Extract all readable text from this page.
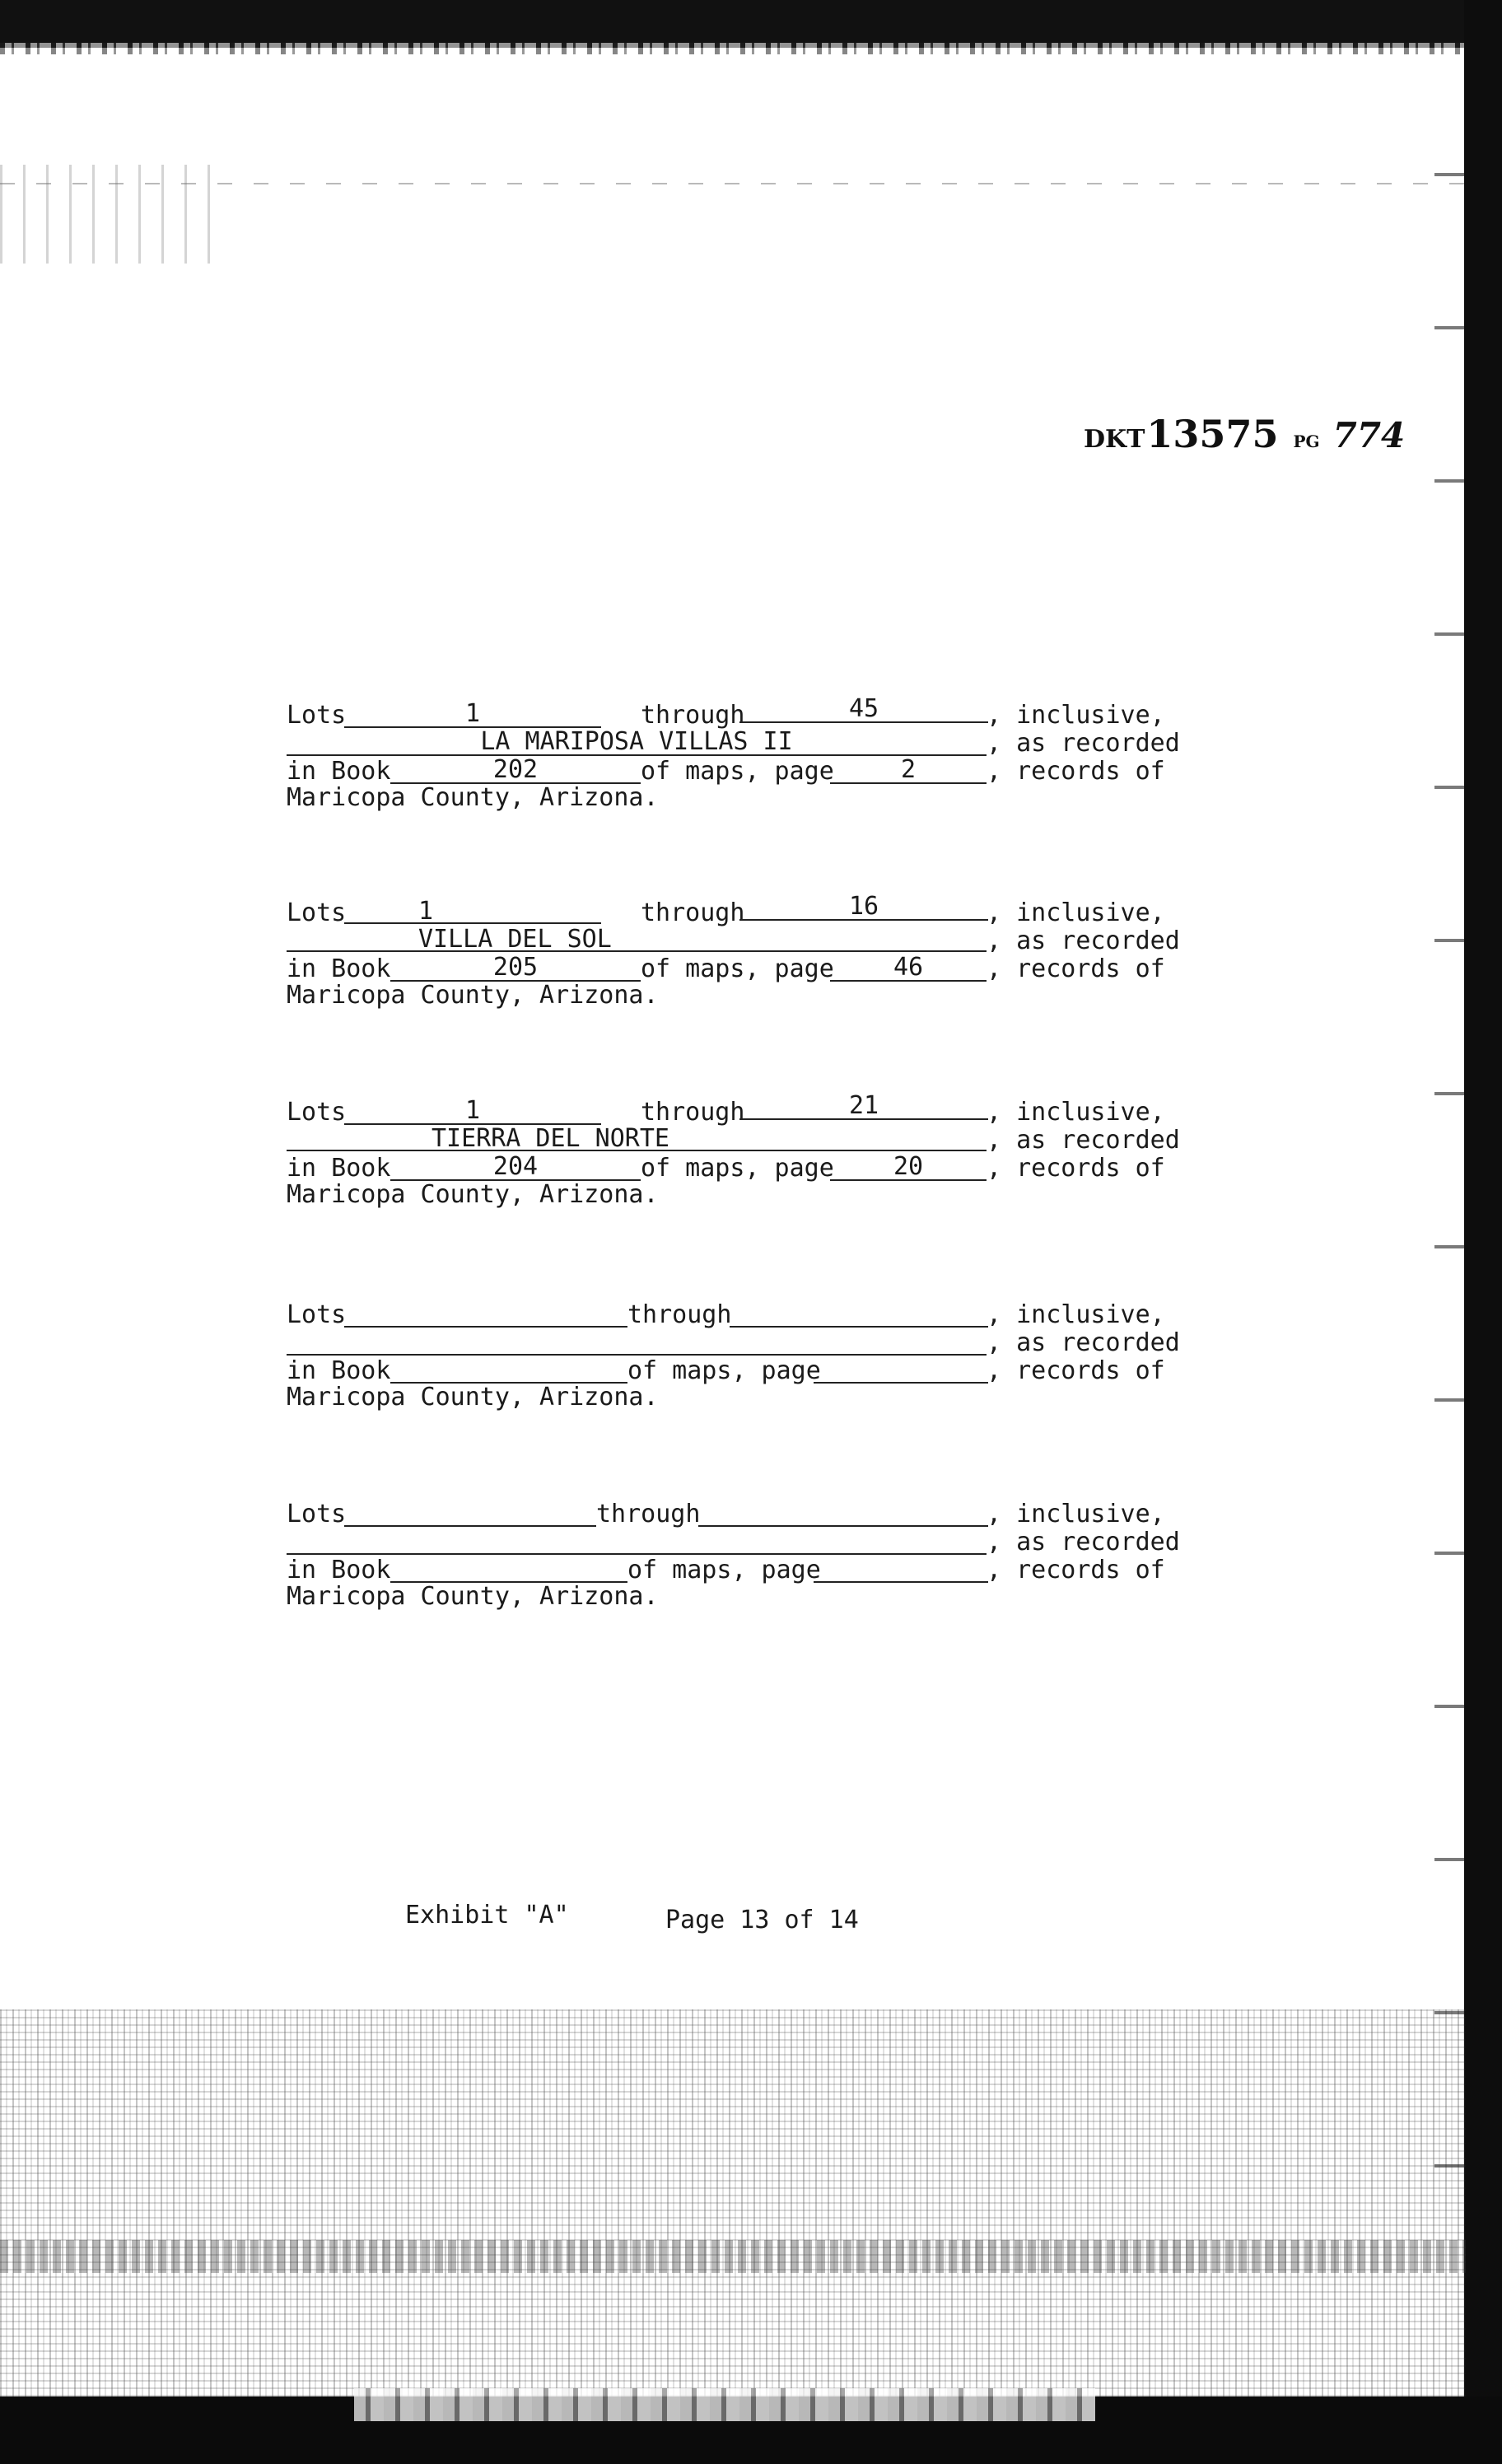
DKT13575 PG 774
Lots	1	through	45	, inclusive,
LA MARIPOSA VILLAS II	, as recorded
in Book	202	of maps, page	2	, records of
Maricopa County, Arizona.
Lots	1	through	16	, inclusive,
VILLA DEL SOL	, as recorded
in Book	205	of maps, page	46	, records of
Maricopa County, Arizona.
Lots	1	through	21	, inclusive,
TIERRA DEL NORTE	, as recorded
in Book	204	of maps, page	20	, records of
Maricopa County, Arizona.
Lots	through	, inclusive,
, as recorded
in Book	of maps, page	, records of
Maricopa County, Arizona.
Lots	through	, inclusive,
, as recorded
in Book	of maps, page	, records of
Maricopa County, Arizona.
Exhibit "A"	Page 13 of 14
